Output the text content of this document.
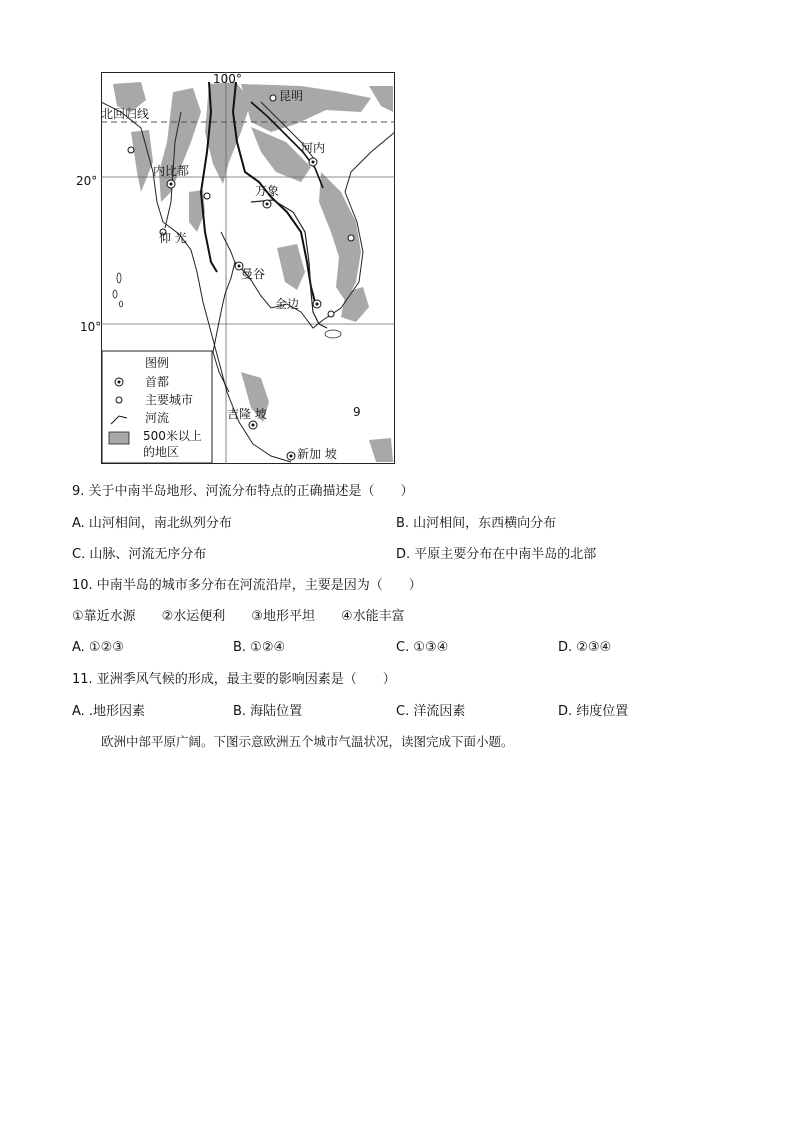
100°
北回归线
昆明
河内
内比都
万象
仰 光
曼谷
金边
吉隆 坡
新加 坡
9
图例
首都
主要城市
河流
500米以上
的地区
20°
10°
9. 关于中南半岛地形、河流分布特点的正确描述是（　　）
A. 山河相间，南北纵列分布	B. 山河相间，东西横向分布
C. 山脉、河流无序分布	D. 平原主要分布在中南半岛的北部
10. 中南半岛的城市多分布在河流沿岸，主要是因为（　　）
①靠近水源　　②水运便利　　③地形平坦　　④水能丰富
A. ①②③	B. ①②④	C. ①③④	D. ②③④
11. 亚洲季风气候的形成，最主要的影响因素是（　　）
A. .地形因素	B. 海陆位置	C. 洋流因素	D. 纬度位置
欧洲中部平原广阔。下图示意欧洲五个城市气温状况，读图完成下面小题。
